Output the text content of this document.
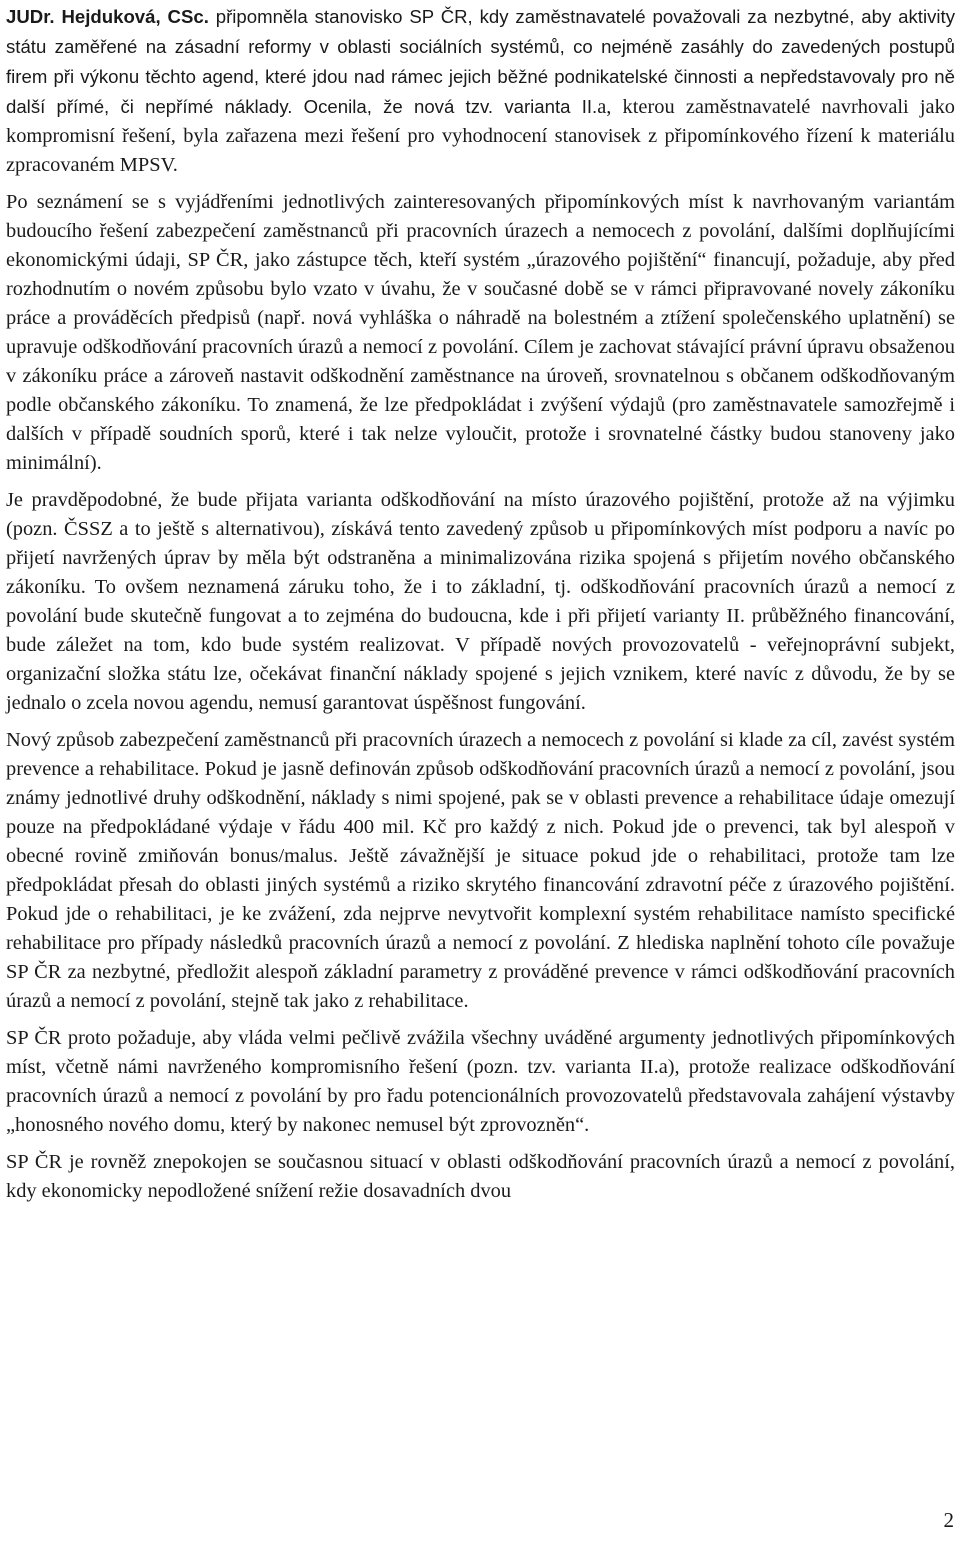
JUDr. Hejduková, CSc. připomněla stanovisko SP ČR, kdy zaměstnavatelé považovali za nezbytné, aby aktivity státu zaměřené na zásadní reformy v oblasti sociálních systémů, co nejméně zasáhly do zavedených postupů firem při výkonu těchto agend, které jdou nad rámec jejich běžné podnikatelské činnosti a nepředstavovaly pro ně další přímé, či nepřímé náklady. Ocenila, že nová tzv. varianta II.a, kterou zaměstnavatelé navrhovali jako kompromisní řešení, byla zařazena mezi řešení pro vyhodnocení stanovisek z připomínkového řízení k materiálu zpracovaném MPSV.

Po seznámení se s vyjádřeními jednotlivých zainteresovaných připomínkových míst k navrhovaným variantám budoucího řešení zabezpečení zaměstnanců při pracovních úrazech a nemocech z povolání, dalšími doplňujícími ekonomickými údaji, SP ČR, jako zástupce těch, kteří systém „úrazového pojištění“ financují, požaduje, aby před rozhodnutím o novém způsobu bylo vzato v úvahu, že v současné době se v rámci připravované novely zákoníku práce a prováděcích předpisů (např. nová vyhláška o náhradě na bolestném a ztížení společenského uplatnění) se upravuje odškodňování pracovních úrazů a nemocí z povolání. Cílem je zachovat stávající právní úpravu obsaženou v zákoníku práce a zároveň nastavit odškodnění zaměstnance na úroveň, srovnatelnou s občanem odškodňovaným podle občanského zákoníku. To znamená, že lze předpokládat i zvýšení výdajů (pro zaměstnavatele samozřejmě i dalších v případě soudních sporů, které i tak nelze vyloučit, protože i srovnatelné částky budou stanoveny jako minimální).

Je pravděpodobné, že bude přijata varianta odškodňování na místo úrazového pojištění, protože až na výjimku (pozn. ČSSZ a to ještě s alternativou), získává tento zavedený způsob u připomínkových míst podporu a navíc po přijetí navržených úprav by měla být odstraněna a minimalizována rizika spojená s přijetím nového občanského zákoníku. To ovšem neznamená záruku toho, že i to základní, tj. odškodňování pracovních úrazů a nemocí z povolání bude skutečně fungovat a to zejména do budoucna, kde i při přijetí varianty II. průběžného financování, bude záležet na tom, kdo bude systém realizovat. V případě nových provozovatelů - veřejnoprávní subjekt, organizační složka státu lze, očekávat finanční náklady spojené s jejich vznikem, které navíc z důvodu, že by se jednalo o zcela novou agendu, nemusí garantovat úspěšnost fungování.

Nový způsob zabezpečení zaměstnanců při pracovních úrazech a nemocech z povolání si klade za cíl, zavést systém prevence a rehabilitace. Pokud je jasně definován způsob odškodňování pracovních úrazů a nemocí z povolání, jsou známy jednotlivé druhy odškodnění, náklady s nimi spojené, pak se v oblasti prevence a rehabilitace údaje omezují pouze na předpokládané výdaje v řádu 400 mil. Kč pro každý z nich. Pokud jde o prevenci, tak byl alespoň v obecné rovině zmiňován bonus/malus. Ještě závažnější je situace pokud jde o rehabilitaci, protože tam lze předpokládat přesah do oblasti jiných systémů a riziko skrytého financování zdravotní péče z úrazového pojištění. Pokud jde o rehabilitaci, je ke zvážení, zda nejprve nevytvořit komplexní systém rehabilitace namísto specifické rehabilitace pro případy následků pracovních úrazů a nemocí z povolání. Z hlediska naplnění tohoto cíle považuje SP ČR za nezbytné, předložit alespoň základní parametry z prováděné prevence v rámci odškodňování pracovních úrazů a nemocí z povolání, stejně tak jako z rehabilitace.

SP ČR proto požaduje, aby vláda velmi pečlivě zvážila všechny uváděné argumenty jednotlivých připomínkových míst, včetně námi navrženého kompromisního řešení (pozn. tzv. varianta II.a), protože realizace odškodňování pracovních úrazů a nemocí z povolání by pro řadu potencionálních provozovatelů představovala zahájení výstavby „honosného nového domu, který by nakonec nemusel být zprovozněn“.

SP ČR je rovněž znepokojen se současnou situací v oblasti odškodňování pracovních úrazů a nemocí z povolání, kdy ekonomicky nepodložené snížení režie dosavadních dvou

2
